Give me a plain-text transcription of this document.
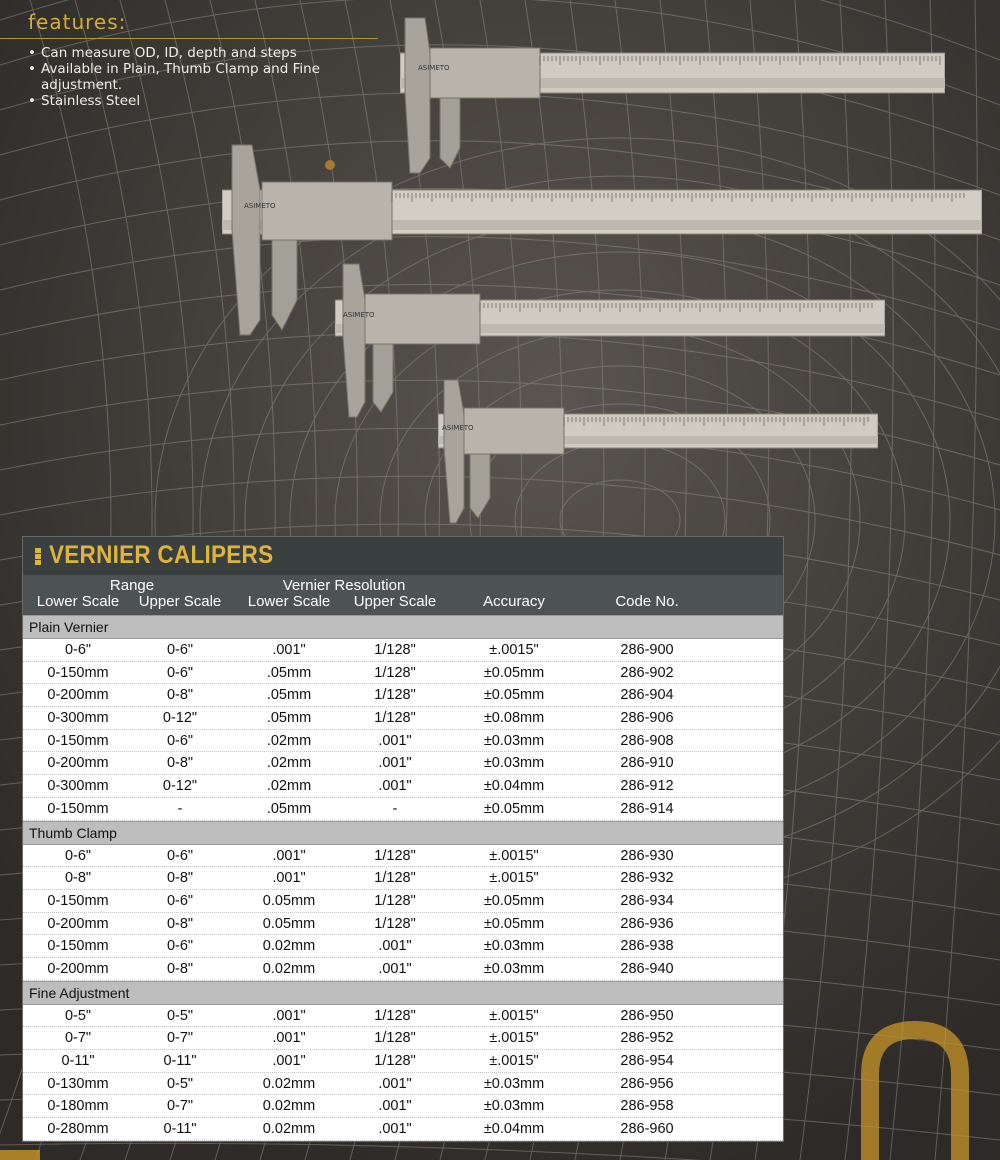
features:
• Can measure OD, ID, depth and steps
• Available in Plain, Thumb Clamp and Fine adjustment.
• Stainless Steel
ASIMETO
ASIMETO
ASIMETO
ASIMETO
VERNIER CALIPERS
Range	Vernier Resolution
Lower Scale Upper Scale Lower Scale Upper Scale	Accuracy	Code No.
Plain Vernier
0-6"	0-6"	.001"	1/128"	±.0015"	286-900
0-150mm	0-6"	.05mm	1/128"	±0.05mm	286-902
0-200mm	0-8"	.05mm	1/128"	±0.05mm	286-904
0-300mm	0-12"	.05mm	1/128"	±0.08mm	286-906
0-150mm	0-6"	.02mm	.001"	±0.03mm	286-908
0-200mm	0-8"	.02mm	.001"	±0.03mm	286-910
0-300mm	0-12"	.02mm	.001"	±0.04mm	286-912
0-150mm	-	.05mm	-	±0.05mm	286-914
Thumb Clamp
0-6"	0-6"	.001"	1/128"	±.0015"	286-930
0-8"	0-8"	.001"	1/128"	±.0015"	286-932
0-150mm	0-6"	0.05mm	1/128"	±0.05mm	286-934
0-200mm	0-8"	0.05mm	1/128"	±0.05mm	286-936
0-150mm	0-6"	0.02mm	.001"	±0.03mm	286-938
0-200mm	0-8"	0.02mm	.001"	±0.03mm	286-940
Fine Adjustment
0-5"	0-5"	.001"	1/128"	±.0015"	286-950
0-7"	0-7"	.001"	1/128"	±.0015"	286-952
0-11"	0-11"	.001"	1/128"	±.0015"	286-954
0-130mm	0-5"	0.02mm	.001"	±0.03mm	286-956
0-180mm	0-7"	0.02mm	.001"	±0.03mm	286-958
0-280mm	0-11"	0.02mm	.001"	±0.04mm	286-960
